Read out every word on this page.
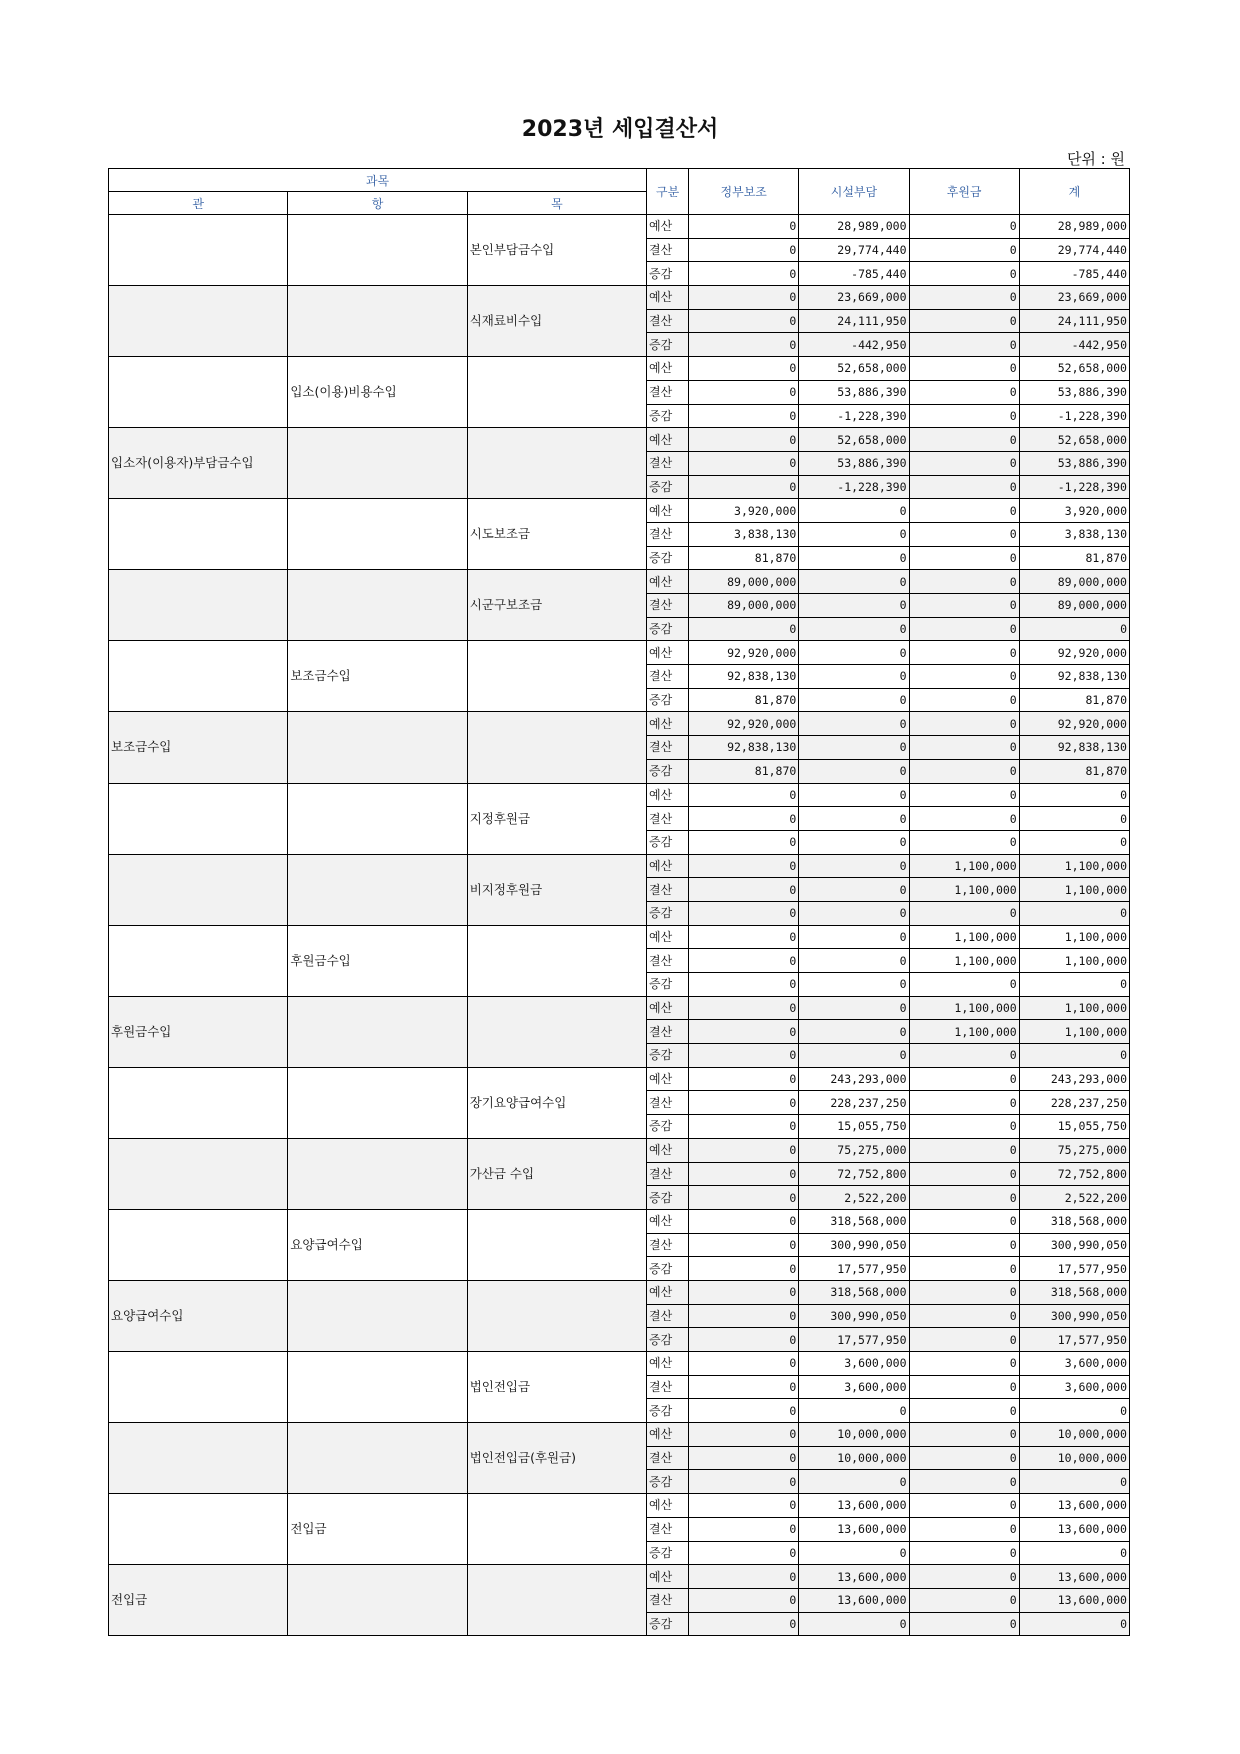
2023년 세입결산서
단위 : 원
과목			구분	정부보조	시설부담	후원금	계
관	항	목					
		본인부담금수입	예산	0	28,989,000	0	28,989,000
			결산	0	29,774,440	0	29,774,440
			증감	0	-785,440	0	-785,440
		식재료비수입	예산	0	23,669,000	0	23,669,000
			결산	0	24,111,950	0	24,111,950
			증감	0	-442,950	0	-442,950
	입소(이용)비용수입		예산	0	52,658,000	0	52,658,000
			결산	0	53,886,390	0	53,886,390
			증감	0	-1,228,390	0	-1,228,390
입소자(이용자)부담금수입			예산	0	52,658,000	0	52,658,000
			결산	0	53,886,390	0	53,886,390
			증감	0	-1,228,390	0	-1,228,390
		시도보조금	예산	3,920,000	0	0	3,920,000
			결산	3,838,130	0	0	3,838,130
			증감	81,870	0	0	81,870
		시군구보조금	예산	89,000,000	0	0	89,000,000
			결산	89,000,000	0	0	89,000,000
			증감	0	0	0	0
	보조금수입		예산	92,920,000	0	0	92,920,000
			결산	92,838,130	0	0	92,838,130
			증감	81,870	0	0	81,870
보조금수입			예산	92,920,000	0	0	92,920,000
			결산	92,838,130	0	0	92,838,130
			증감	81,870	0	0	81,870
		지정후원금	예산	0	0	0	0
			결산	0	0	0	0
			증감	0	0	0	0
		비지정후원금	예산	0	0	1,100,000	1,100,000
			결산	0	0	1,100,000	1,100,000
			증감	0	0	0	0
	후원금수입		예산	0	0	1,100,000	1,100,000
			결산	0	0	1,100,000	1,100,000
			증감	0	0	0	0
후원금수입			예산	0	0	1,100,000	1,100,000
			결산	0	0	1,100,000	1,100,000
			증감	0	0	0	0
		장기요양급여수입	예산	0	243,293,000	0	243,293,000
			결산	0	228,237,250	0	228,237,250
			증감	0	15,055,750	0	15,055,750
		가산금 수입	예산	0	75,275,000	0	75,275,000
			결산	0	72,752,800	0	72,752,800
			증감	0	2,522,200	0	2,522,200
	요양급여수입		예산	0	318,568,000	0	318,568,000
			결산	0	300,990,050	0	300,990,050
			증감	0	17,577,950	0	17,577,950
요양급여수입			예산	0	318,568,000	0	318,568,000
			결산	0	300,990,050	0	300,990,050
			증감	0	17,577,950	0	17,577,950
		법인전입금	예산	0	3,600,000	0	3,600,000
			결산	0	3,600,000	0	3,600,000
			증감	0	0	0	0
		법인전입금(후원금)	예산	0	10,000,000	0	10,000,000
			결산	0	10,000,000	0	10,000,000
			증감	0	0	0	0
	전입금		예산	0	13,600,000	0	13,600,000
			결산	0	13,600,000	0	13,600,000
			증감	0	0	0	0
전입금			예산	0	13,600,000	0	13,600,000
			결산	0	13,600,000	0	13,600,000
			증감	0	0	0	0
